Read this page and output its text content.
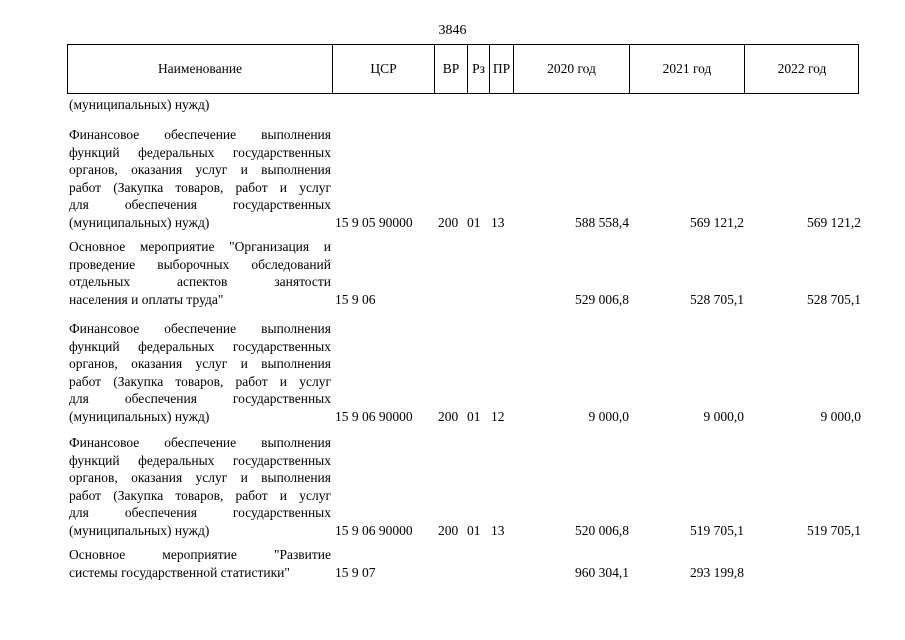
3846
Наименование	ЦСР	ВР Рз ПР	2020 год	2021 год	2022 год
(муниципальных) нужд)
Финансовое обеспечение выполнения
функций федеральных государственных
органов, оказания услуг и выполнения
работ (Закупка товаров, работ и услуг
для обеспечения государственных
(муниципальных) нужд)	15 9 05 90000 200 01 13	588 558,4	569 121,2	569 121,2
Основное мероприятие "Организация и
проведение выборочных обследований
отдельных аспектов занятости
населения и оплаты труда"	15 9 06	529 006,8	528 705,1	528 705,1
Финансовое обеспечение выполнения
функций федеральных государственных
органов, оказания услуг и выполнения
работ (Закупка товаров, работ и услуг
для обеспечения государственных
(муниципальных) нужд)	15 9 06 90000 200 01 12	9 000,0	9 000,0	9 000,0
Финансовое обеспечение выполнения
функций федеральных государственных
органов, оказания услуг и выполнения
работ (Закупка товаров, работ и услуг
для обеспечения государственных
(муниципальных) нужд)	15 9 06 90000 200 01 13	520 006,8	519 705,1	519 705,1
Основное мероприятие "Развитие
системы государственной статистики"	15 9 07	960 304,1	293 199,8
